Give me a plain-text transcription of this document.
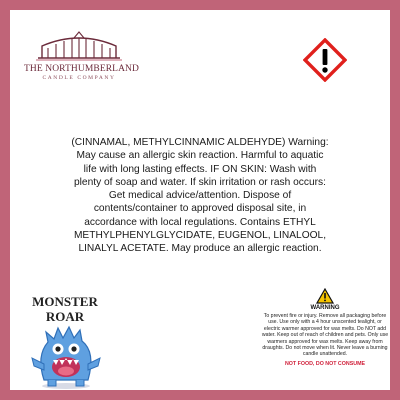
THE NORTHUMBERLAND
CANDLE COMPANY
(CINNAMAL, METHYLCINNAMIC ALDEHYDE) Warning: May cause an allergic skin reaction. Harmful to aquatic life with long lasting effects. IF ON SKIN: Wash with plenty of soap and water. If skin irritation or rash occurs: Get medical advice/attention. Dispose of contents/container to approved disposal site, in accordance with local regulations. Contains ETHYL METHYLPHENYLGLYCIDATE, EUGENOL, LINALOOL, LINALYL ACETATE. May produce an allergic reaction.
MONSTER ROAR
WARNING
To prevent fire or injury. Remove all packaging before use. Use only with a 4 hour unscented tealight, or electric warmer approved for wax melts. Do NOT add water. Keep out of reach of children and pets. Only use warmers approved for wax melts. Keep away from draughts. Do not move when lit. Never leave a burning candle unattended.
NOT FOOD, DO NOT CONSUME
